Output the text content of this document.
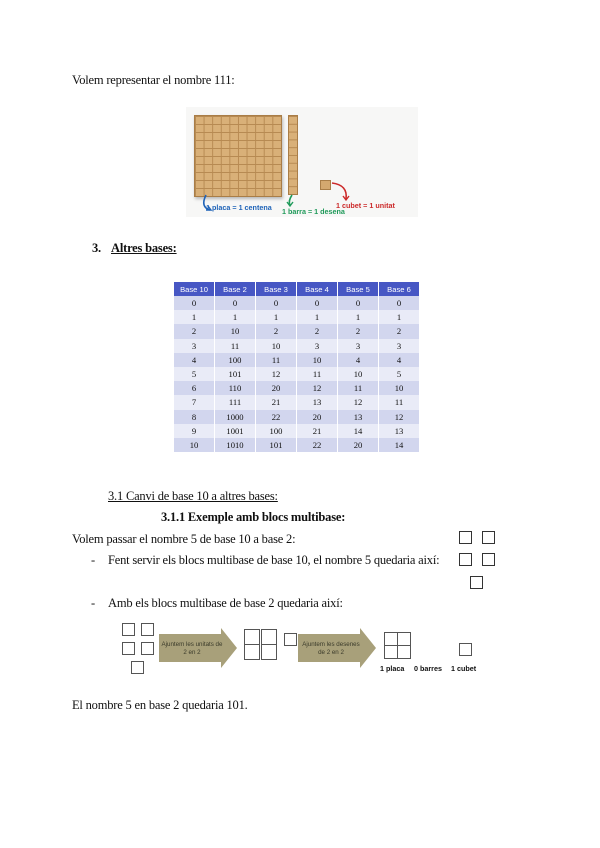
Volem representar el nombre 111:
1 placa = 1 centena 1 barra = 1 desena
1 cubet = 1 unitat
3. Altres bases:
Base 10	Base 2	Base 3	Base 4	Base 5	Base 6
0	0	0	0	0	0
1	1	1	1	1	1
2	10	2	2	2	2
3	11	10	3	3	3
4	100	11	10	4	4
5	101	12	11	10	5
6	110	20	12	11	10
7	111	21	13	12	11
8	1000	22	20	13	12
9	1001	100	21	14	13
10	1010	101	22	20	14
3.1 Canvi de base 10 a altres bases:
3.1.1 Exemple amb blocs multibase:
Volem passar el nombre 5 de base 10 a base 2:
- Fent servir els blocs multibase de base 10, el nombre 5 quedaria així:
- Amb els blocs multibase de base 2 quedaria així:
Ajuntem les unitats de 2 en 2
Ajuntem les desenes de 2 en 2
1 placa 0 barres 1 cubet
El nombre 5 en base 2 quedaria 101.
